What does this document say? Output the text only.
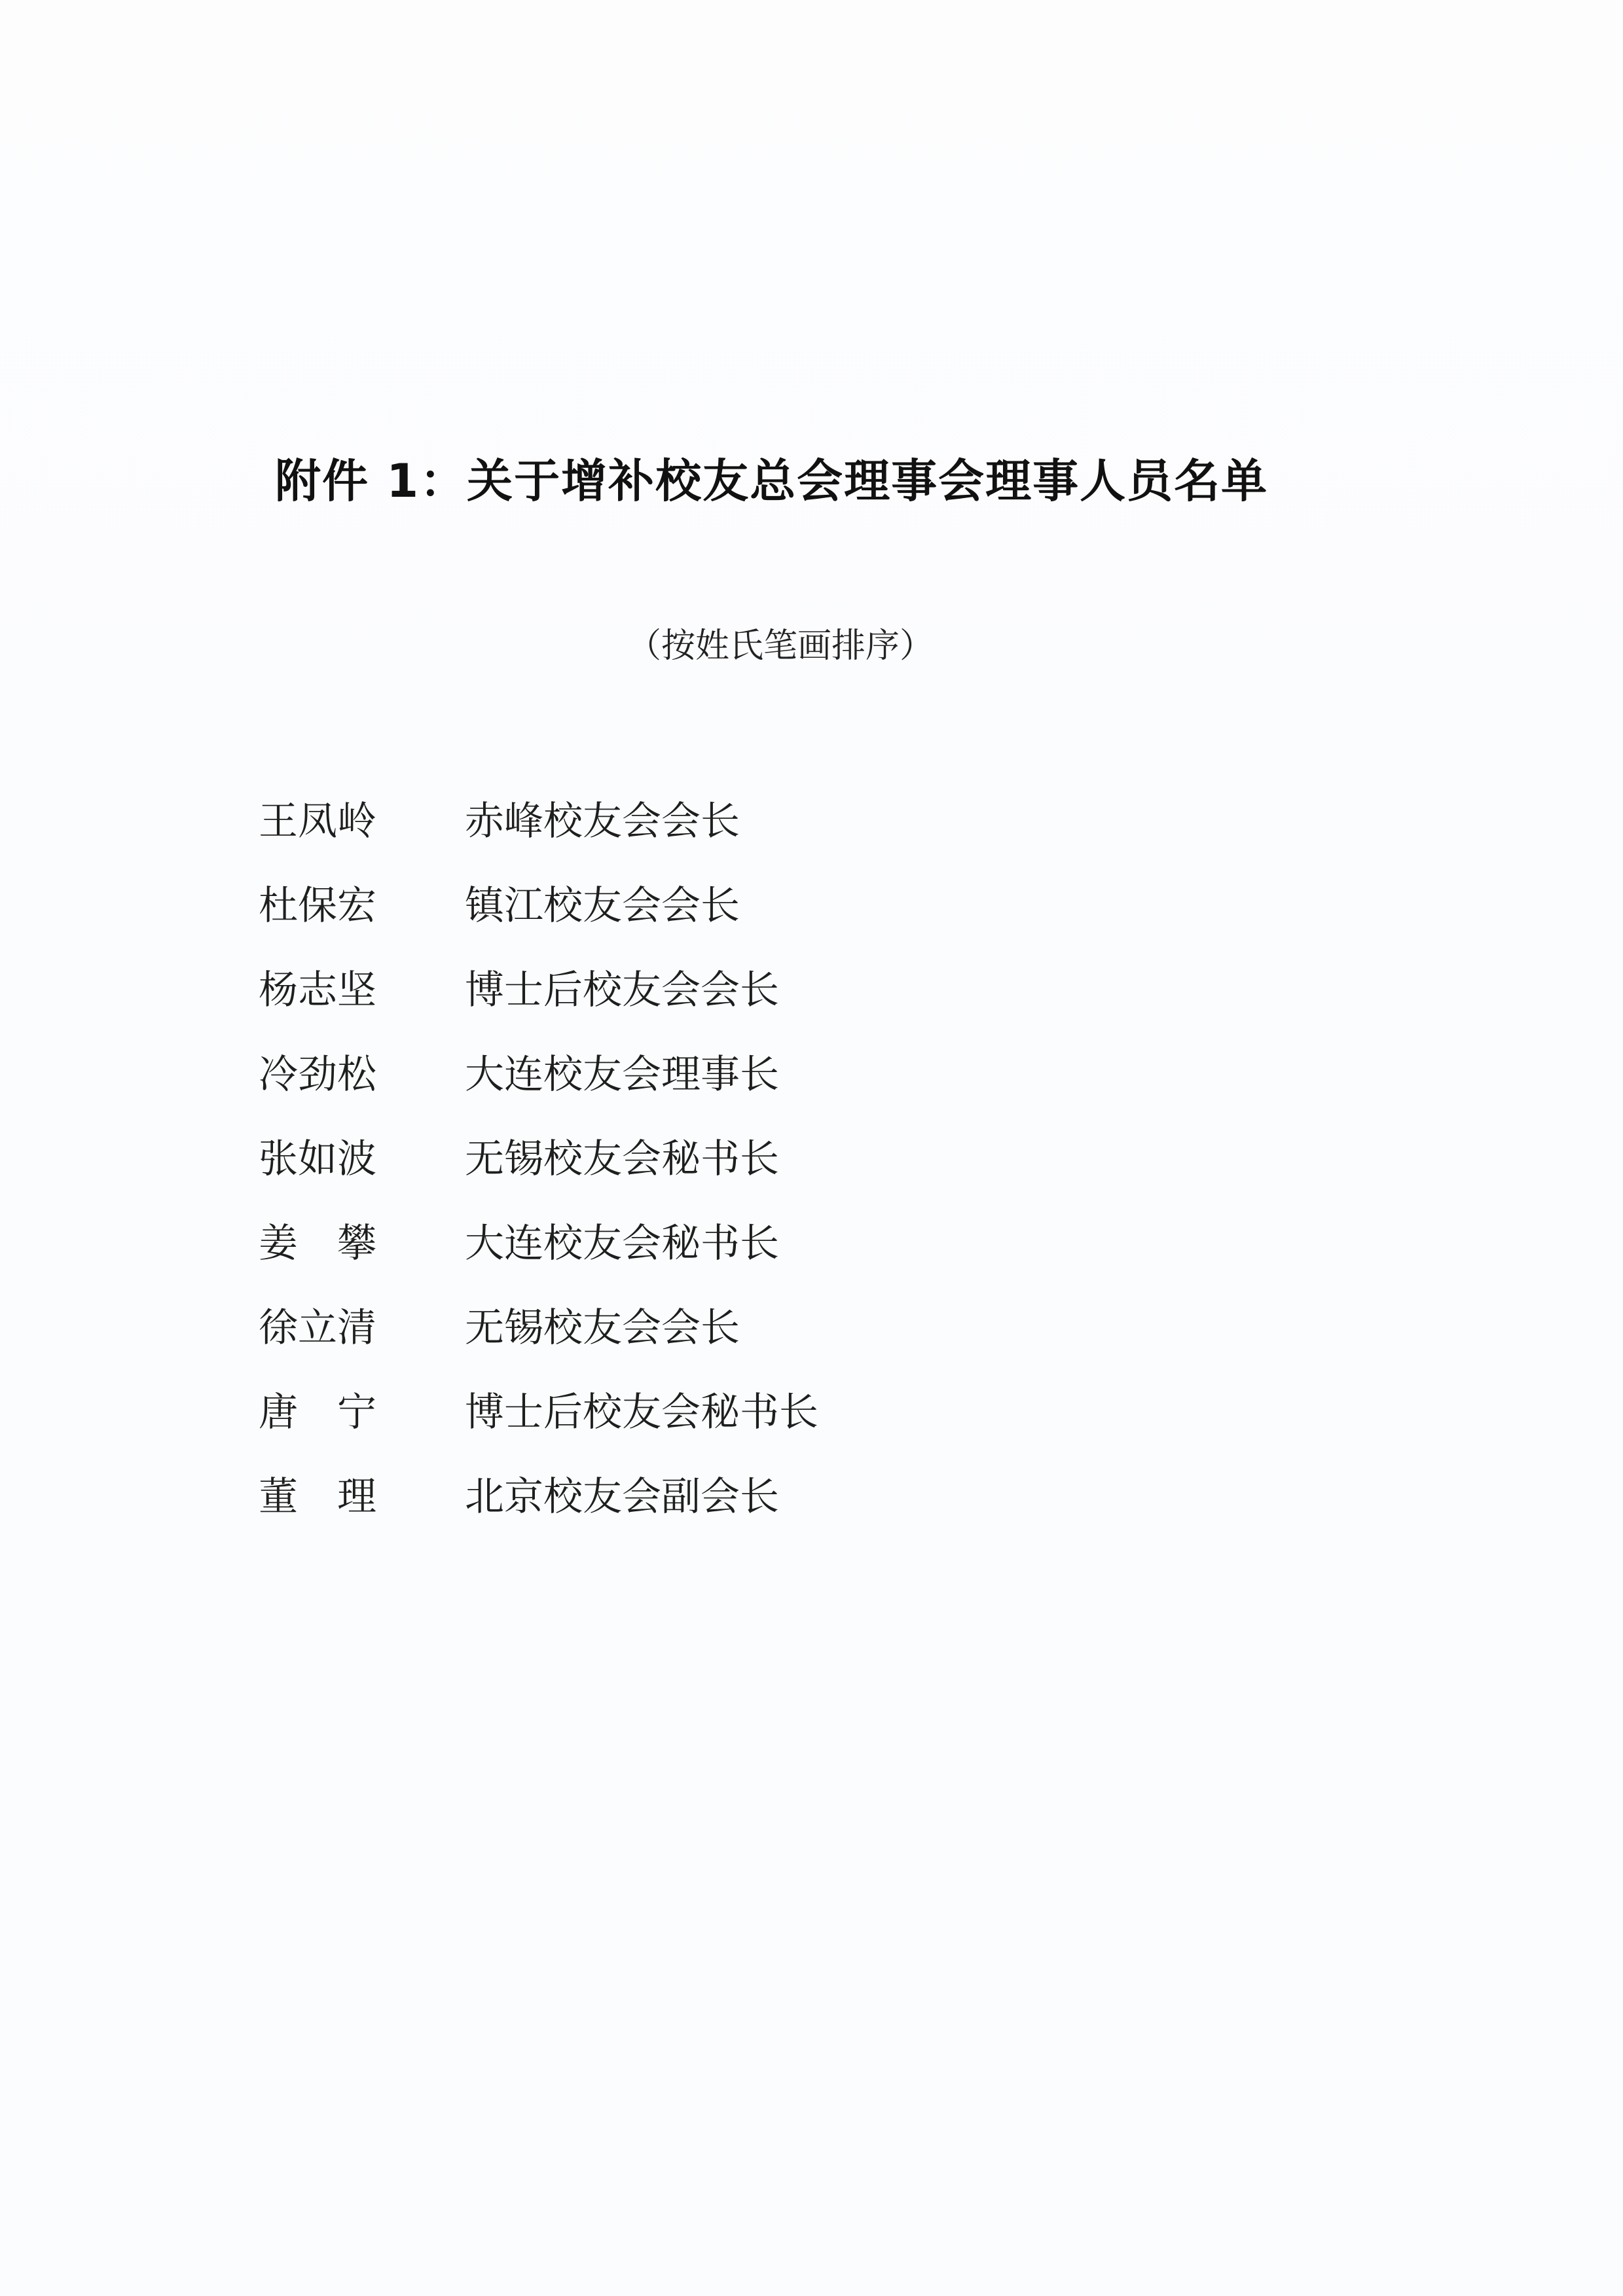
附件 1：关于增补校友总会理事会理事人员名单
（按姓氏笔画排序）
王凤岭	赤峰校友会会长
杜保宏	镇江校友会会长
杨志坚	博士后校友会会长
冷劲松	大连校友会理事长
张如波	无锡校友会秘书长
姜　攀	大连校友会秘书长
徐立清	无锡校友会会长
唐　宁	博士后校友会秘书长
董　理	北京校友会副会长
